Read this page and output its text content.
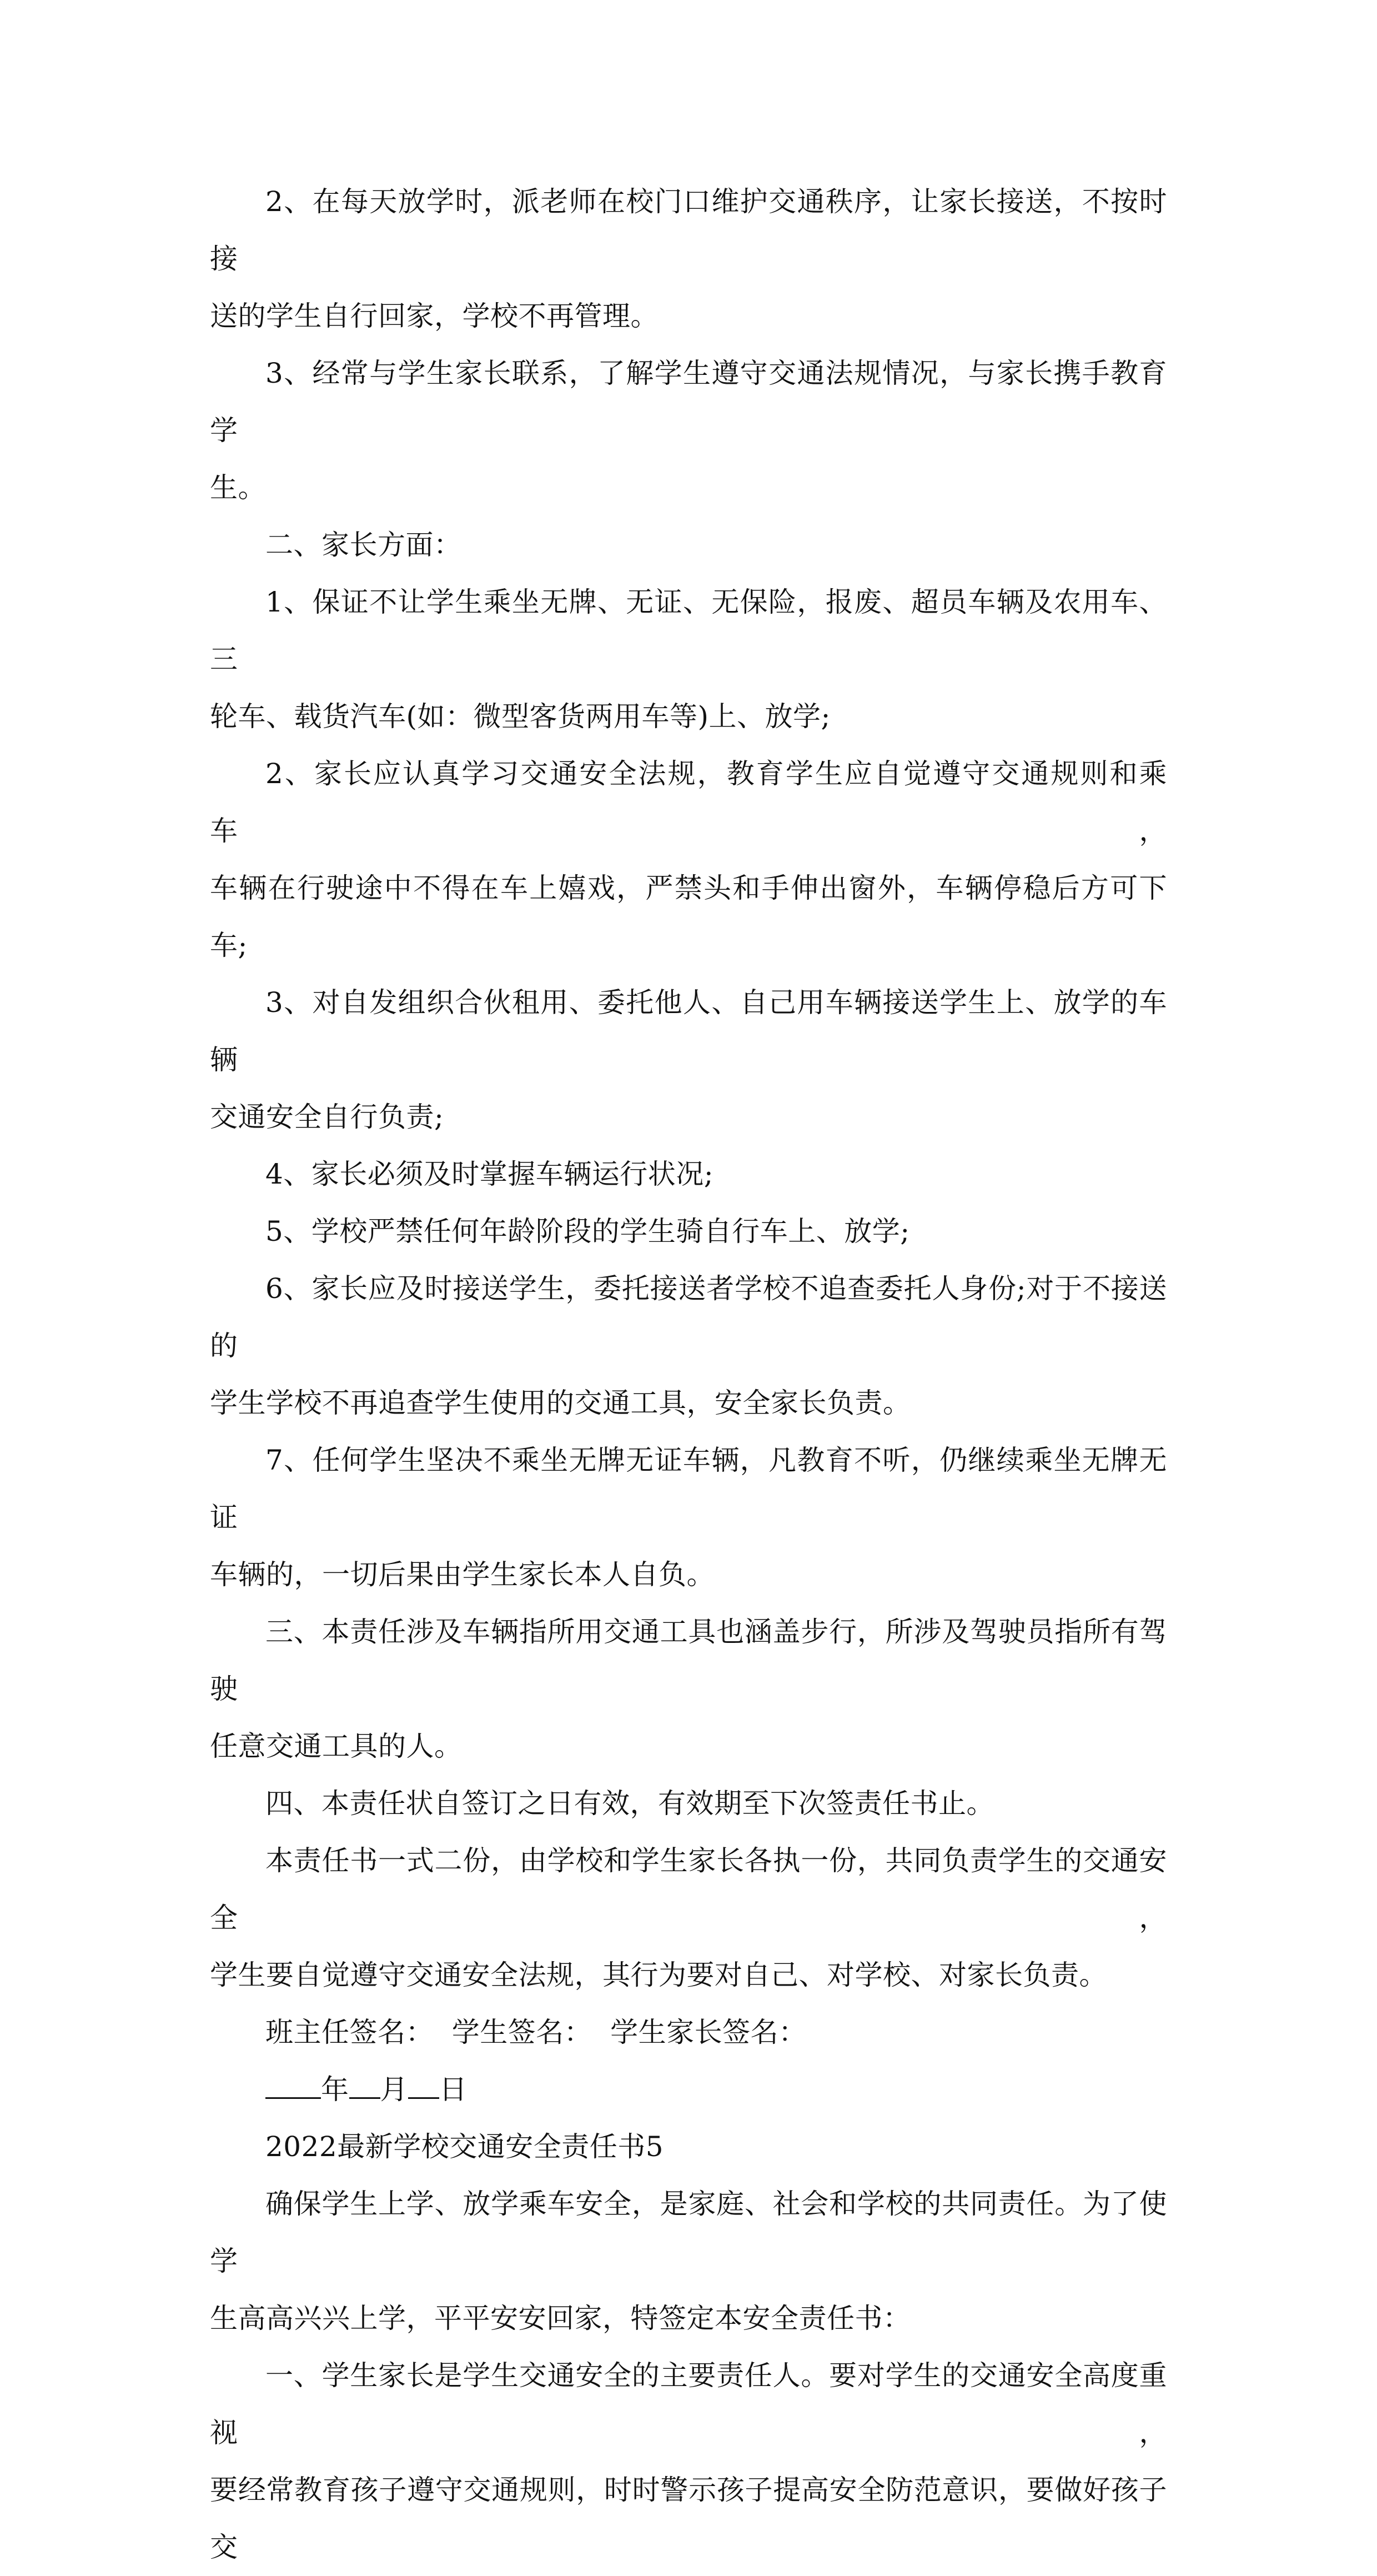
2、在每天放学时，派老师在校门口维护交通秩序，让家长接送，不按时接
送的学生自行回家，学校不再管理。

3、经常与学生家长联系，了解学生遵守交通法规情况，与家长携手教育学
生。

二、家长方面：

1、保证不让学生乘坐无牌、无证、无保险，报废、超员车辆及农用车、三
轮车、载货汽车(如：微型客货两用车等)上、放学;

2、家长应认真学习交通安全法规，教育学生应自觉遵守交通规则和乘车，
车辆在行驶途中不得在车上嬉戏，严禁头和手伸出窗外，车辆停稳后方可下车;

3、对自发组织合伙租用、委托他人、自己用车辆接送学生上、放学的车辆
交通安全自行负责;

4、家长必须及时掌握车辆运行状况;

5、学校严禁任何年龄阶段的学生骑自行车上、放学;

6、家长应及时接送学生，委托接送者学校不追查委托人身份;对于不接送的
学生学校不再追查学生使用的交通工具，安全家长负责。

7、任何学生坚决不乘坐无牌无证车辆，凡教育不听，仍继续乘坐无牌无证
车辆的，一切后果由学生家长本人自负。

三、本责任涉及车辆指所用交通工具也涵盖步行，所涉及驾驶员指所有驾驶
任意交通工具的人。

四、本责任状自签订之日有效，有效期至下次签责任书止。

本责任书一式二份，由学校和学生家长各执一份，共同负责学生的交通安全，
学生要自觉遵守交通安全法规，其行为要对自己、对学校、对家长负责。

班主任签名：  学生签名：  学生家长签名：

年 月 日

2022最新学校交通安全责任书5

确保学生上学、放学乘车安全，是家庭、社会和学校的共同责任。为了使学
生高高兴兴上学，平平安安回家，特签定本安全责任书：

一、学生家长是学生交通安全的主要责任人。要对学生的交通安全高度重视，
要经常教育孩子遵守交通规则，时时警示孩子提高安全防范意识，要做好孩子交
